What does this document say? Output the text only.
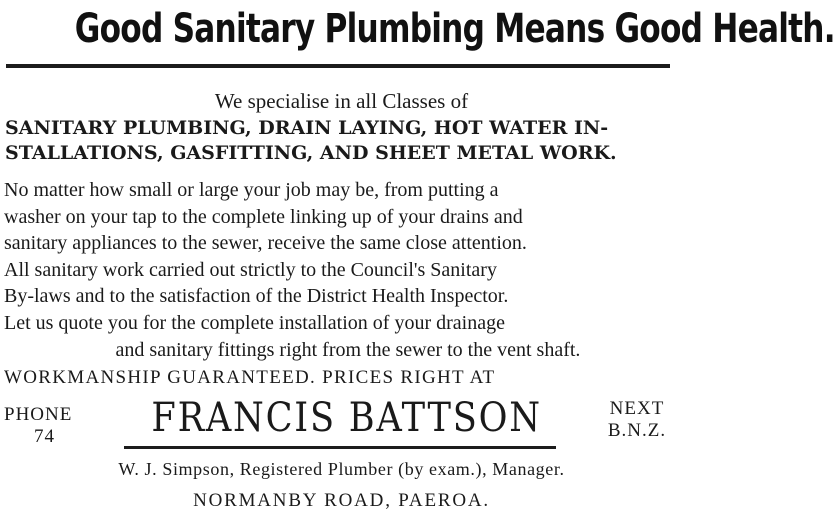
Good Sanitary Plumbing Means Good Health.
We specialise in all Classes of
SANITARY PLUMBING, DRAIN LAYING, HOT WATER IN-
STALLATIONS, GASFITTING, AND SHEET METAL WORK.
No matter how small or large your job may be, from putting a
washer on your tap to the complete linking up of your drains and
sanitary appliances to the sewer, receive the same close attention.
All sanitary work carried out strictly to the Council's Sanitary
By-laws and to the satisfaction of the District Health Inspector.
Let us quote you for the complete installation of your drainage
and sanitary fittings right from the sewer to the vent shaft.
WORKMANSHIP GUARANTEED. PRICES RIGHT AT
PHONE
74	FRANCIS BATTSON	NEXT
B.N.Z.
W. J. Simpson, Registered Plumber (by exam.), Manager.
NORMANBY ROAD, PAEROA.
